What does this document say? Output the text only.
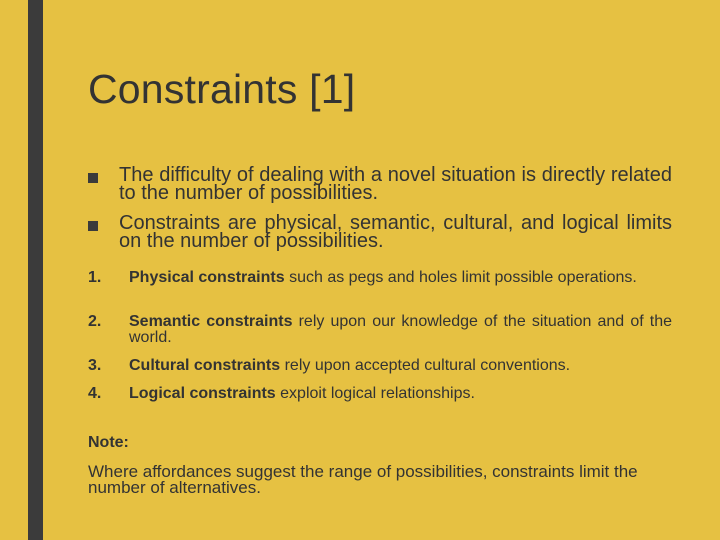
Constraints [1]
The difficulty of dealing with a novel situation is directly related to the number of possibilities.
Constraints are physical, semantic, cultural, and logical limits on the number of possibilities.
1. Physical constraints such as pegs and holes limit possible operations.
2. Semantic constraints rely upon our knowledge of the situation and of the world.
3. Cultural constraints rely upon accepted cultural conventions.
4. Logical constraints exploit logical relationships.

Note:

Where affordances suggest the range of possibilities, constraints limit the number of alternatives.
